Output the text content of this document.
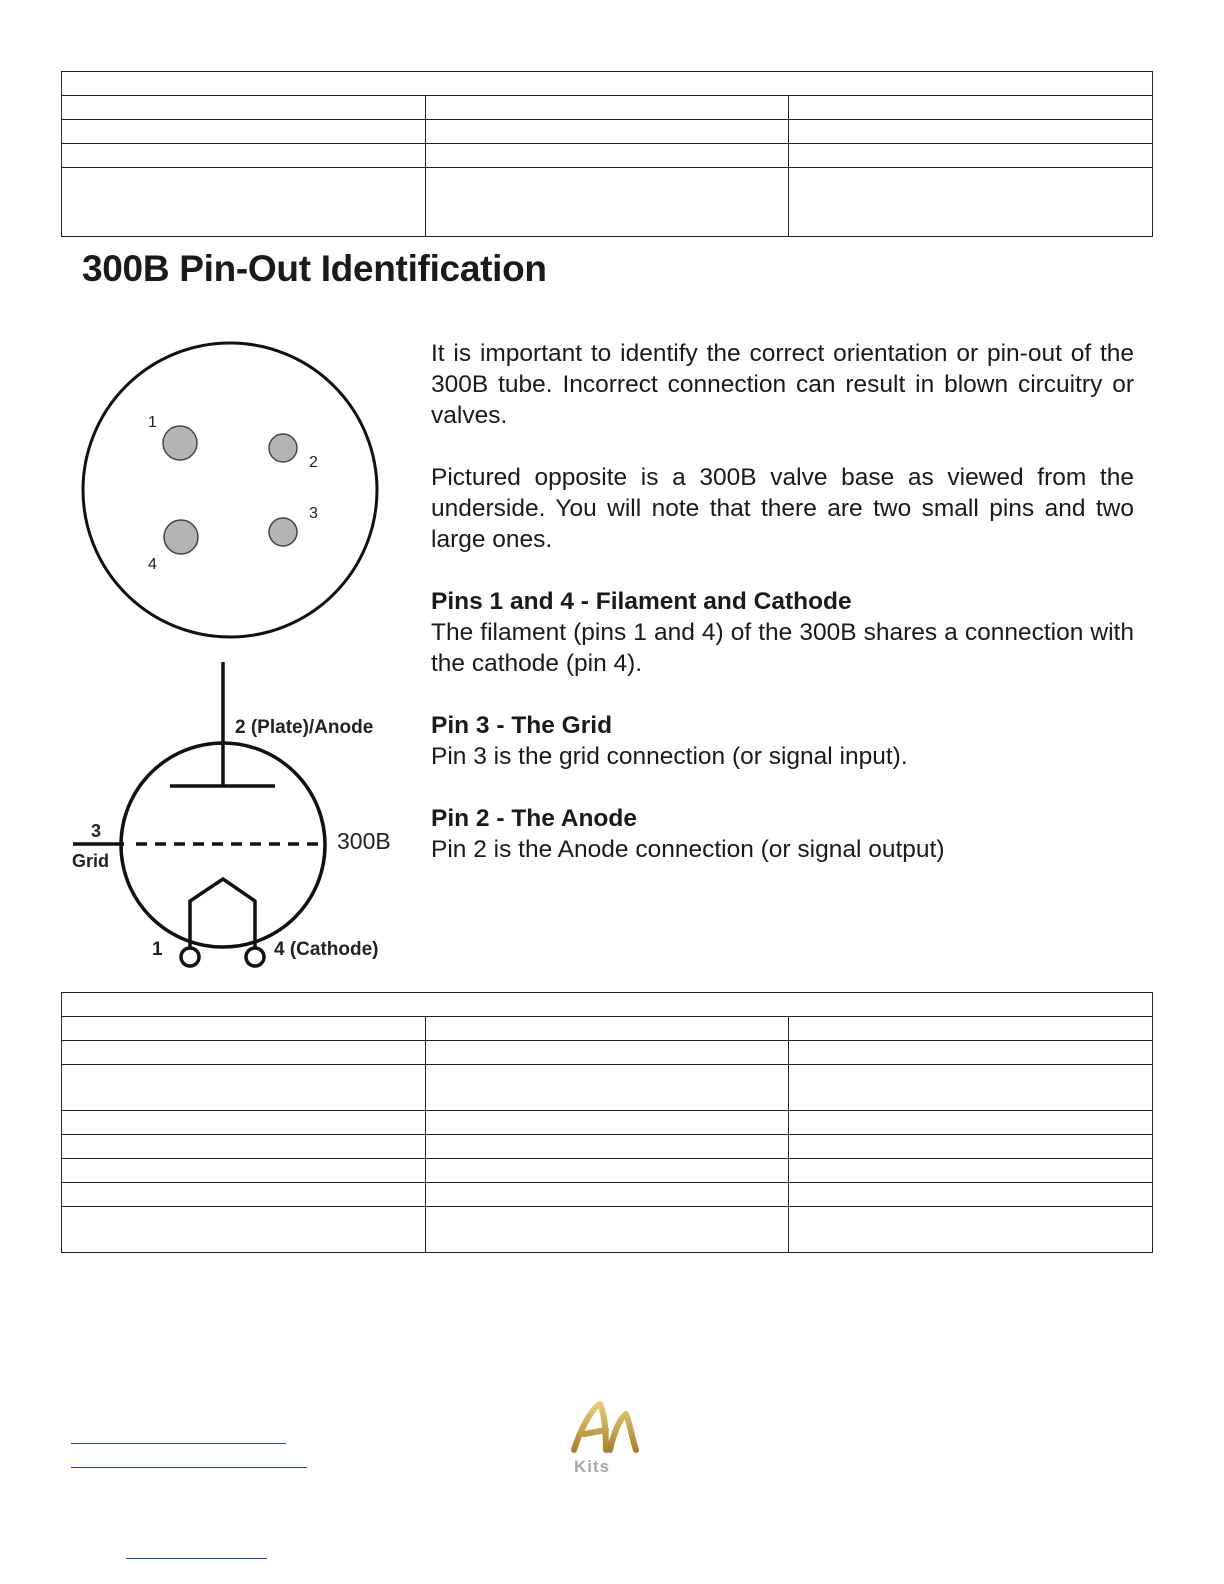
300B Pin-Out Identification
1
2
3
4
2 (Plate)/Anode
3
Grid
300B
1	4 (Cathode)

It is important to identify the correct orientation or pin-out of the 300B tube. Incorrect connection can result in blown circuitry or valves.

Pictured opposite is a 300B valve base as viewed from the underside. You will note that there are two small pins and two large ones.

Pins 1 and 4 - Filament and Cathode
The filament (pins 1 and 4) of the 300B shares a connection with the cathode (pin 4).

Pin 3 - The Grid
Pin 3 is the grid connection (or signal input).

Pin 2 - The Anode
Pin 2 is the Anode connection (or signal output)

Kits
